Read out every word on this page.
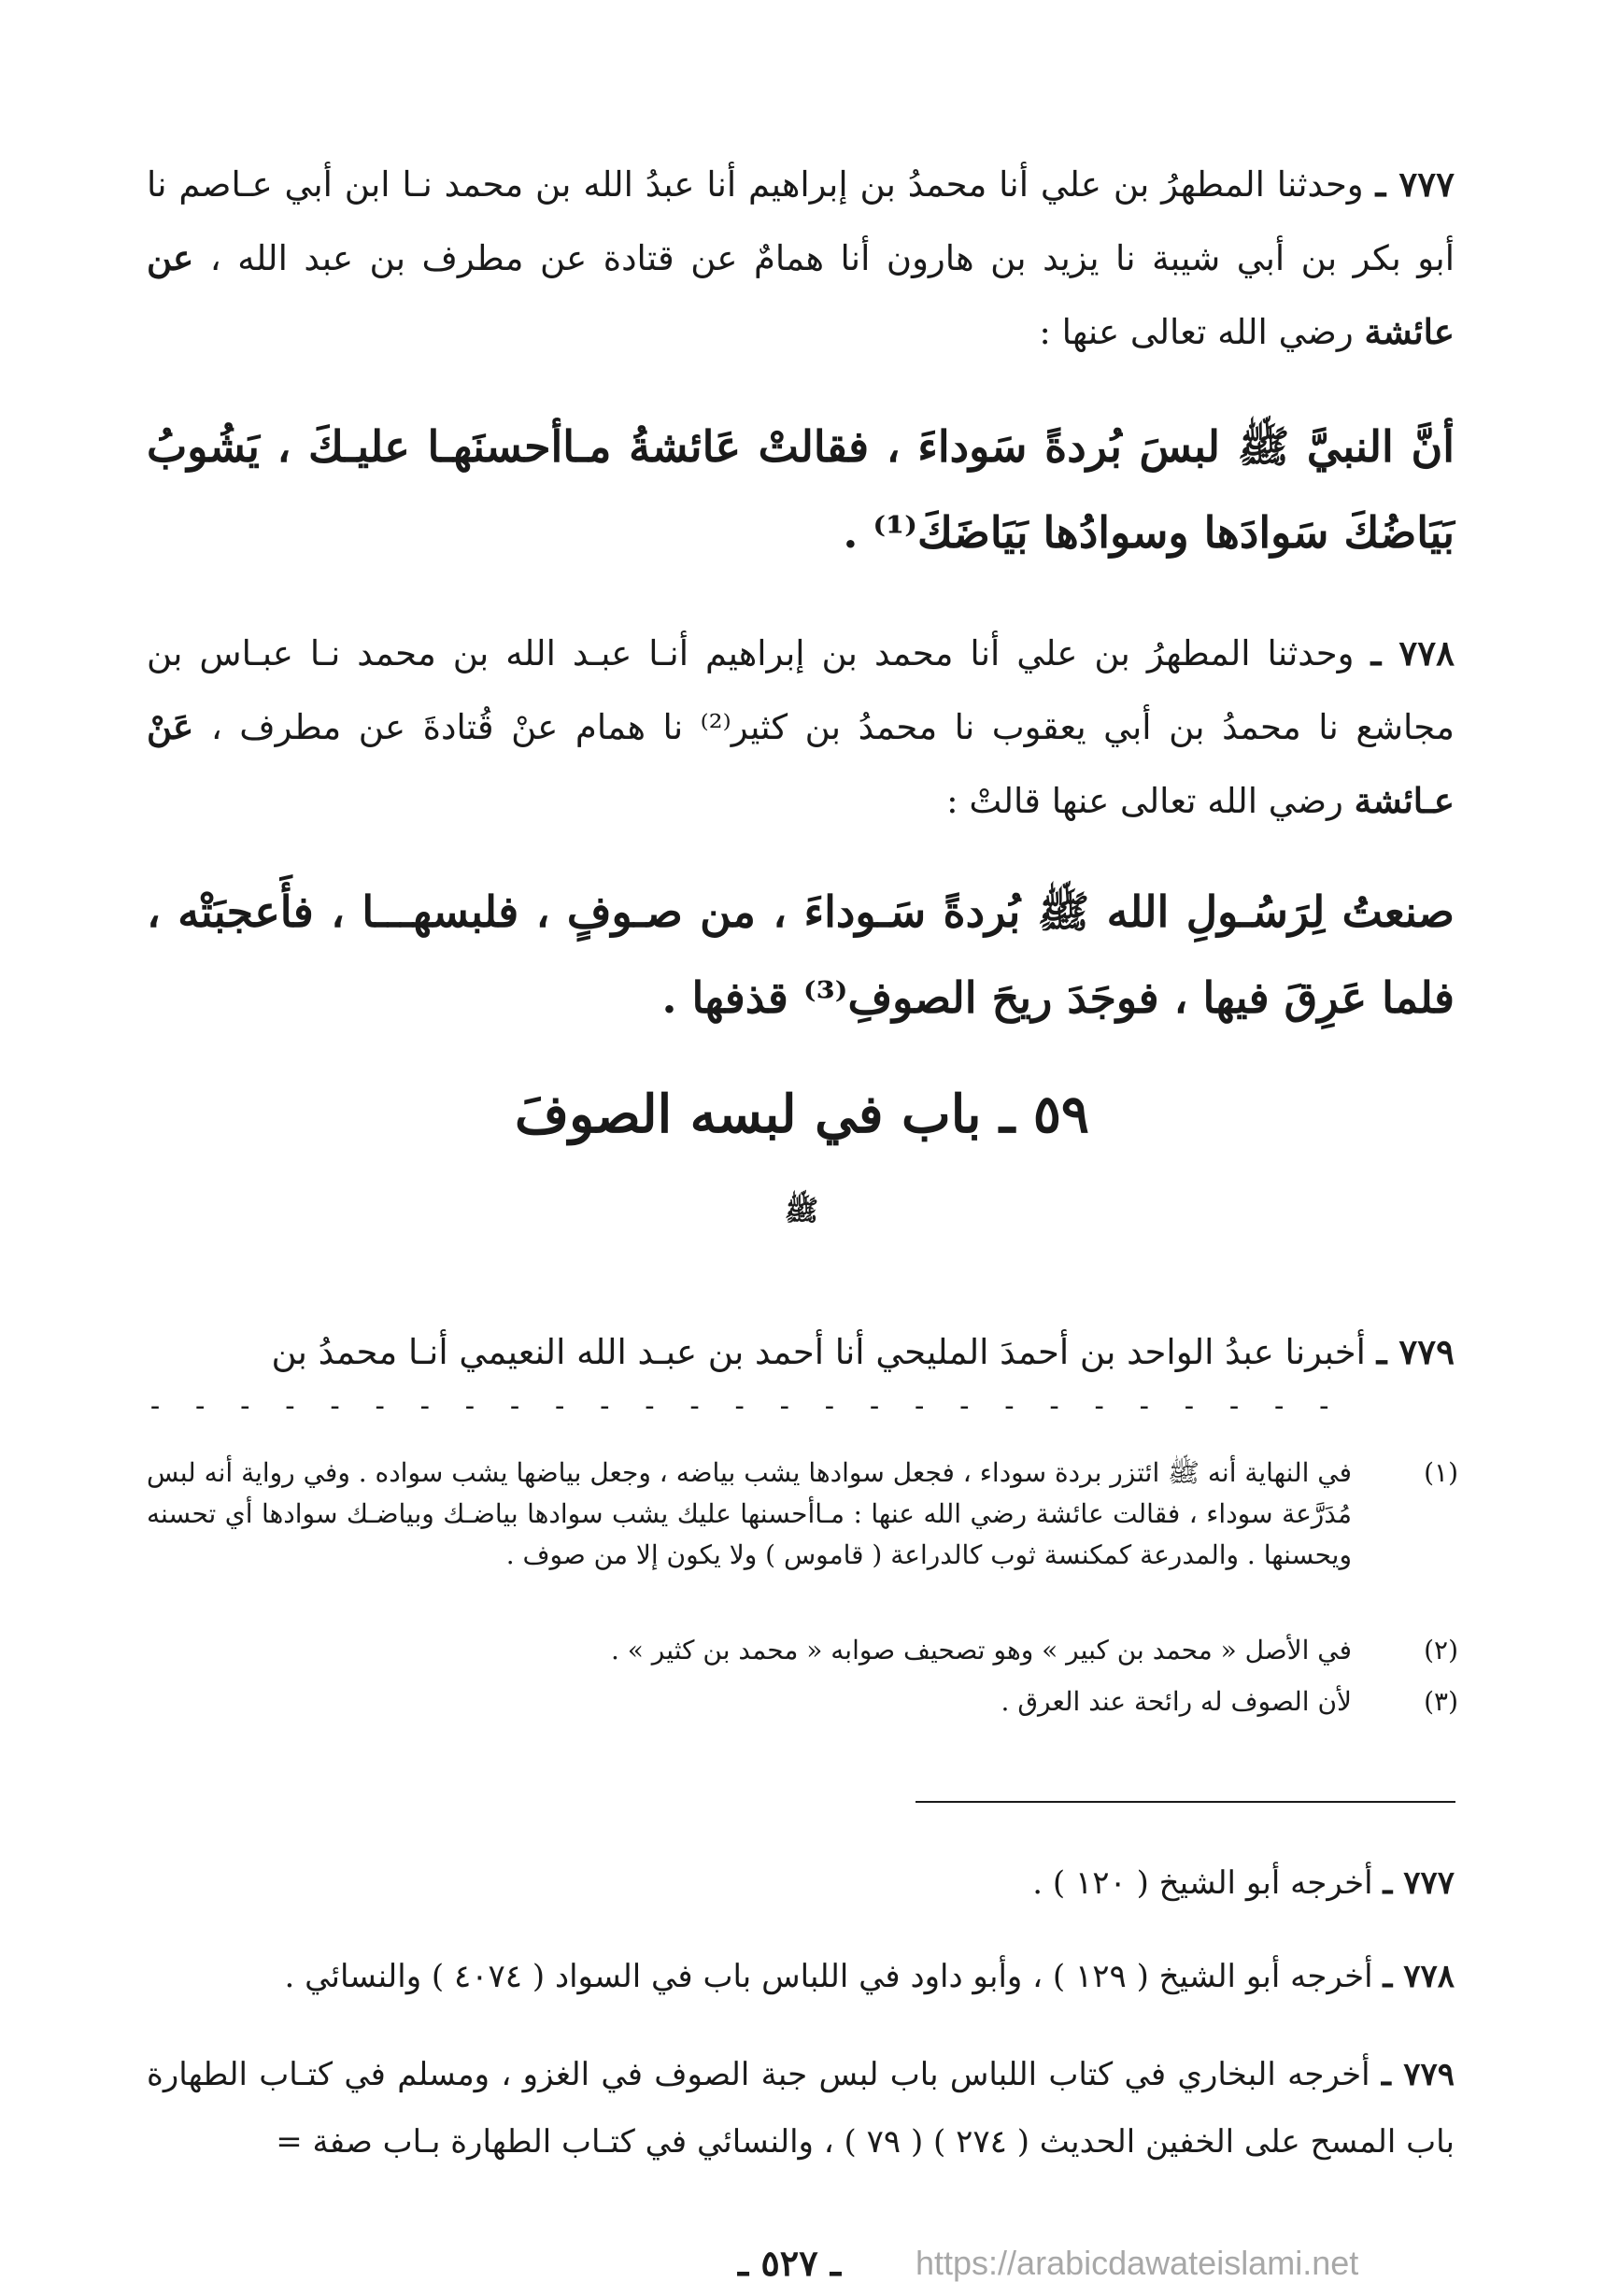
٧٧٧ ـ وحدثنا المطهرُ بن علي أنا محمدُ بن إبراهيم أنا عبدُ الله بن محمد نـا ابن أبي عـاصم نا أبو بكر بن أبي شيبة نا يزيد بن هارون أنا همامٌ عن قتادة عن مطرف بن عبد الله ، عن عائشة رضي الله تعالى عنها :
أنَّ النبيَّ ﷺ لبسَ بُردةً سَوداءَ ، فقالتْ عَائشةُ مـاأحسنَهـا عليـكَ ، يَشُوبُ بَيَاضُكَ سَوادَها وسوادُها بَيَاضَكَ⁽¹⁾ .
٧٧٨ ـ وحدثنا المطهرُ بن علي أنا محمد بن إبراهيم أنـا عبـد الله بن محمد نـا عبـاس بن مجاشع نا محمدُ بن أبي يعقوب نا محمدُ بن كثير⁽²⁾ نا همام عنْ قُتادةَ عن مطرف ، عَنْ عـائشة رضي الله تعالى عنها قالتْ :
صنعتُ لِرَسُـولِ الله ﷺ بُردةً سَـوداءَ ، من صـوفٍ ، فلبسهـــا ، فأَعجبَتْه ، فلما عَرِقَ فيها ، فوجَدَ ريحَ الصوفِ⁽³⁾ قذفها .
٥٩ ـ باب في لبسه الصوفَ
ﷺ
٧٧٩ ـ أخبرنا عبدُ الواحد بن أحمدَ المليحي أنا أحمد بن عبـد الله النعيمي أنـا محمدُ بن
- - - - - - - - - - - - - - - - - - - - - - - - - - -
(١)
في النهاية أنه ﷺ ائتزر بردة سوداء ، فجعل سوادها يشب بياضه ، وجعل بياضها يشب سواده . وفي رواية أنه لبس مُدَرَّعة سوداء ، فقالت عائشة رضي الله عنها : مـاأحسنها عليك يشب سوادها بياضـك وبياضـك سوادها أي تحسنه ويحسنها . والمدرعة كمكنسة ثوب كالدراعة ( قاموس ) ولا يكون إلا من صوف .
(٢)
في الأصل « محمد بن كبير » وهو تصحيف صوابه « محمد بن كثير » .
(٣)
لأن الصوف له رائحة عند العرق .
٧٧٧ ـ أخرجه أبو الشيخ ( ١٢٠ ) .
٧٧٨ ـ أخرجه أبو الشيخ ( ١٢٩ ) ، وأبو داود في اللباس باب في السواد ( ٤٠٧٤ ) والنسائي .
٧٧٩ ـ أخرجه البخاري في كتاب اللباس باب لبس جبة الصوف في الغزو ، ومسلم في كتـاب الطهارة باب المسح على الخفين الحديث ( ٢٧٤ ) ( ٧٩ ) ، والنسائي في كتـاب الطهارة بـاب صفة =
ـ ٥٢٧ ـ https://arabicdawateislami.net
